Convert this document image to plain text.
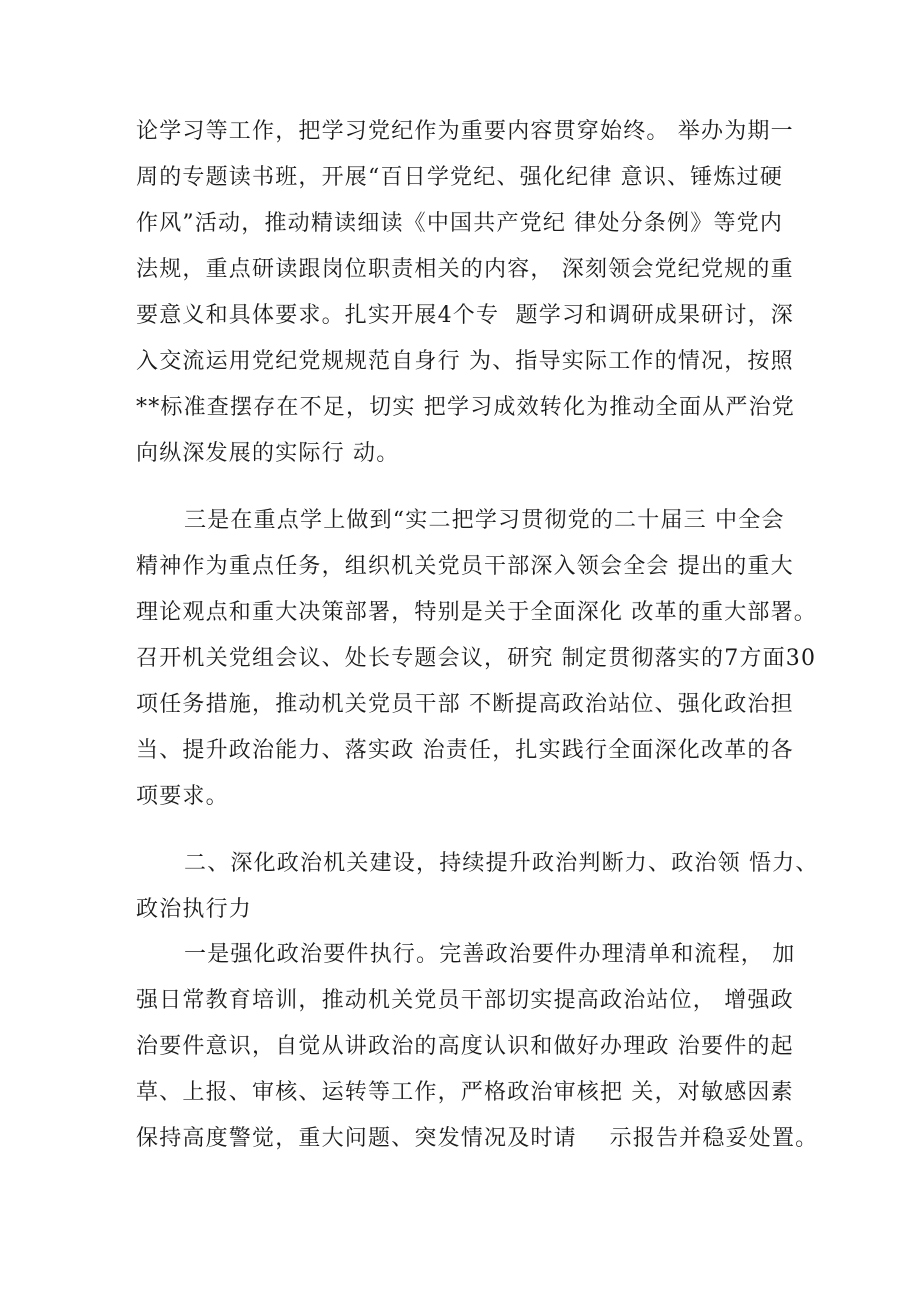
论学习等工作，把学习党纪作为重要内容贯穿始终。 举办为期一
周的专题读书班，开展“百日学党纪、强化纪律 意识、锤炼过硬
作风”活动，推动精读细读《中国共产党纪 律处分条例》等党内
法规，重点研读跟岗位职责相关的内容， 深刻领会党纪党规的重
要意义和具体要求。扎实开展4个专  题学习和调研成果研讨，深
入交流运用党纪党规规范自身行 为、指导实际工作的情况，按照
**标准查摆存在不足，切实 把学习成效转化为推动全面从严治党
向纵深发展的实际行 动。
三是在重点学上做到“实二把学习贯彻党的二十届三 中全会
精神作为重点任务，组织机关党员干部深入领会全会 提出的重大
理论观点和重大决策部署，特别是关于全面深化 改革的重大部署。
召开机关党组会议、处长专题会议，研究 制定贯彻落实的7方面30
项任务措施，推动机关党员干部 不断提高政治站位、强化政治担
当、提升政治能力、落实政 治责任，扎实践行全面深化改革的各
项要求。
二、深化政治机关建设，持续提升政治判断力、政治领 悟力、
政治执行力
一是强化政治要件执行。完善政治要件办理清单和流程， 加
强日常教育培训，推动机关党员干部切实提高政治站位， 增强政
治要件意识，自觉从讲政治的高度认识和做好办理政 治要件的起
草、上报、审核、运转等工作，严格政治审核把 关，对敏感因素
保持高度警觉，重大问题、突发情况及时请    示报告并稳妥处置。
